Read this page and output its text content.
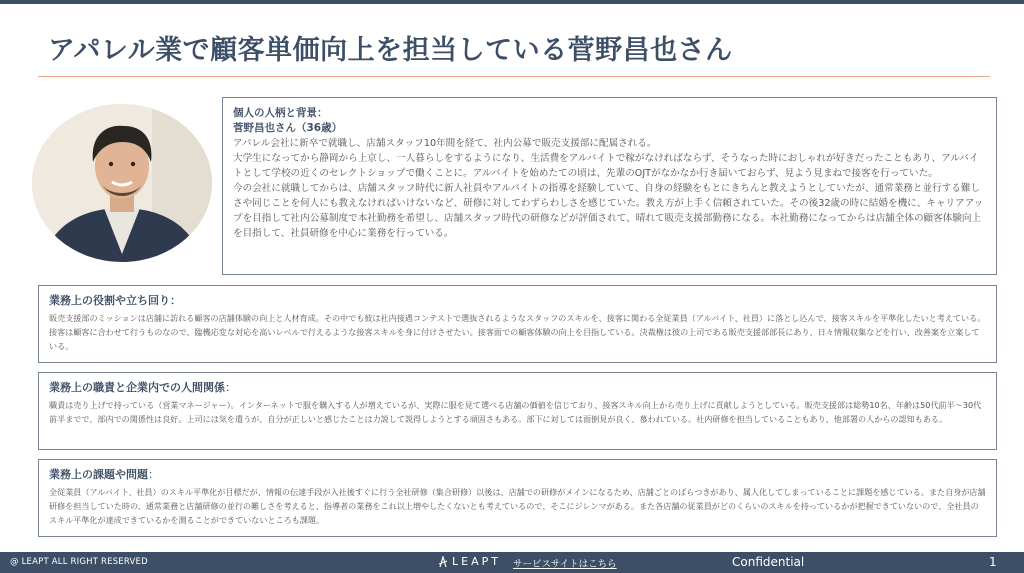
アパレル業で顧客単価向上を担当している菅野昌也さん
個人の人柄と背景：
菅野昌也さん（36歳）

アパレル会社に新卒で就職し、店舗スタッフ10年間を経て、社内公募で販売支援部に配属される。

大学生になってから静岡から上京し、一人暮らしをするようになり、生活費をアルバイトで稼がなければならず、そうなった時におしゃれが好きだったこともあり、アルバイトとして学校の近くのセレクトショップで働くことに。アルバイトを始めたての頃は、先輩のOJTがなかなか行き届いておらず、見よう見まねで接客を行っていた。

今の会社に就職してからは、店舗スタッフ時代に新人社員やアルバイトの指導を経験していて、自身の経験をもとにきちんと教えようとしていたが、通常業務と並行する難しさや同じことを何人にも教えなければいけないなど、研修に対してわずらわしさを感じていた。教え方が上手く信頼されていた。その後32歳の時に結婚を機に、キャリアアップを目指して社内公募制度で本社勤務を希望し、店舗スタッフ時代の研修などが評価されて、晴れて販売支援部勤務になる。本社勤務になってからは店舗全体の顧客体験向上を目指して、社員研修を中心に業務を行っている。

業務上の役割や立ち回り：

販売支援部のミッションは店舗に訪れる顧客の店舗体験の向上と人材育成。その中でも彼は社内接遇コンテストで選抜されるようなスタッフのスキルを、接客に関わる全従業員（アルバイト、社員）に落とし込んで、接客スキルを平準化したいと考えている。接客は顧客に合わせて行うものなので、臨機応変な対応を高いレベルで行えるような接客スキルを身に付けさせたい。接客面での顧客体験の向上を目指している。決裁権は彼の上司である販売支援部部長にあり、日々情報収集などを行い、改善案を立案している。

業務上の職責と企業内での人間関係：

職責は売り上げで持っている（営業マネージャー）。インターネットで服を購入する人が増えているが、実際に服を見て選べる店舗の価値を信じており、接客スキル向上から売り上げに貢献しようとしている。販売支援部は総勢10名、年齢は50代前半〜30代前半までで、部内での関係性は良好。上司には気を遣うが、自分が正しいと感じたことは力説して説得しようとする頑固さもある。部下に対しては面倒見が良く、慕われている。社内研修を担当していることもあり、他部署の人からの認知もある。

業務上の課題や問題：

全従業員（アルバイト、社員）のスキル平準化が目標だが、情報の伝達手段が入社後すぐに行う全社研修（集合研修）以後は、店舗での研修がメインになるため、店舗ごとのばらつきがあり、属人化してしまっていることに課題を感じている。また自身が店舗研修を担当していた時の、通常業務と店舗研修の並行の難しさを考えると、指導者の業務をこれ以上増やしたくないとも考えているので、そこにジレンマがある。また各店舗の従業員がどのくらいのスキルを持っているかが把握できていないので、全社員のスキル平準化が達成できているかを測ることができていないところも課題。

@ LEAPT ALL RIGHT RESERVED	LEAPT サービスサイトはこちら	Confidential	1
